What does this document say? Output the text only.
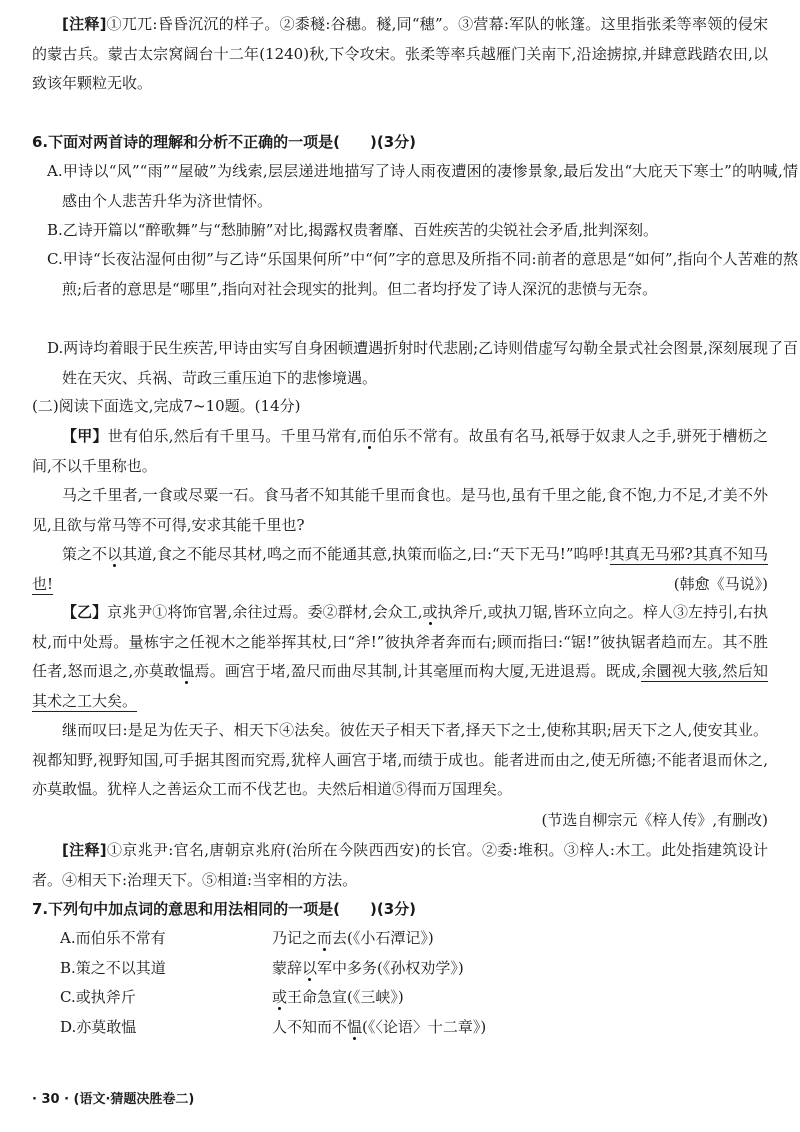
[注释]①兀兀:昏昏沉沉的样子。②黍穟:谷穗。穟,同“穗”。③营幕:军队的帐篷。这里指张柔等率领的侵宋的蒙古兵。蒙古太宗窝阔台十二年(1240)秋,下令攻宋。张柔等率兵越雁门关南下,沿途掳掠,并肆意践踏农田,以致该年颗粒无收。

6.下面对两首诗的理解和分析不正确的一项是(　　)(3分)

A.甲诗以“风”“雨”“屋破”为线索,层层递进地描写了诗人雨夜遭困的凄惨景象,最后发出“大庇天下寒士”的呐喊,情感由个人悲苦升华为济世情怀。

B.乙诗开篇以“醉歌舞”与“愁肺腑”对比,揭露权贵奢靡、百姓疾苦的尖锐社会矛盾,批判深刻。

C.甲诗“长夜沾湿何由彻”与乙诗“乐国果何所”中“何”字的意思及所指不同:前者的意思是“如何”,指向个人苦难的熬煎;后者的意思是“哪里”,指向对社会现实的批判。但二者均抒发了诗人深沉的悲愤与无奈。

D.两诗均着眼于民生疾苦,甲诗由实写自身困顿遭遇折射时代悲剧;乙诗则借虚写勾勒全景式社会图景,深刻展现了百姓在天灾、兵祸、苛政三重压迫下的悲惨境遇。

(二)阅读下面选文,完成7~10题。(14分)

【甲】世有伯乐,然后有千里马。千里马常有,而伯乐不常有。故虽有名马,祇辱于奴隶人之手,骈死于槽枥之间,不以千里称也。

马之千里者,一食或尽粟一石。食马者不知其能千里而食也。是马也,虽有千里之能,食不饱,力不足,才美不外见,且欲与常马等不可得,安求其能千里也?

策之不以其道,食之不能尽其材,鸣之而不能通其意,执策而临之,曰:“天下无马!”呜呼!其真无马邪?其真不知马也!	(韩愈《马说》)

【乙】京兆尹①将饰官署,余往过焉。委②群材,会众工,或执斧斤,或执刀锯,皆环立向之。梓人③左持引,右执杖,而中处焉。量栋宇之任视木之能举挥其杖,曰“斧!”彼执斧者奔而右;顾而指曰:“锯!”彼执锯者趋而左。其不胜任者,怒而退之,亦莫敢愠焉。画宫于堵,盈尺而曲尽其制,计其毫厘而构大厦,无进退焉。既成,余圜视大骇,然后知其术之工大矣。

继而叹曰:是足为佐天子、相天下④法矣。彼佐天子相天下者,择天下之士,使称其职;居天下之人,使安其业。视都知野,视野知国,可手据其图而究焉,犹梓人画宫于堵,而绩于成也。能者进而由之,使无所德;不能者退而休之,亦莫敢愠。犹梓人之善运众工而不伐艺也。夫然后相道⑤得而万国理矣。

(节选自柳宗元《梓人传》,有删改)

[注释]①京兆尹:官名,唐朝京兆府(治所在今陕西西安)的长官。②委:堆积。③梓人:木工。此处指建筑设计者。④相天下:治理天下。⑤相道:当宰相的方法。

7.下列句中加点词的意思和用法相同的一项是(　　)(3分)

A.而伯乐不常有	乃记之而去(《小石潭记》)
B.策之不以其道	蒙辞以军中多务(《孙权劝学》)
C.或执斧斤	或王命急宣(《三峡》)
D.亦莫敢愠	人不知而不愠(《〈论语〉十二章》)
· 30 · (语文·猜题决胜卷二)
